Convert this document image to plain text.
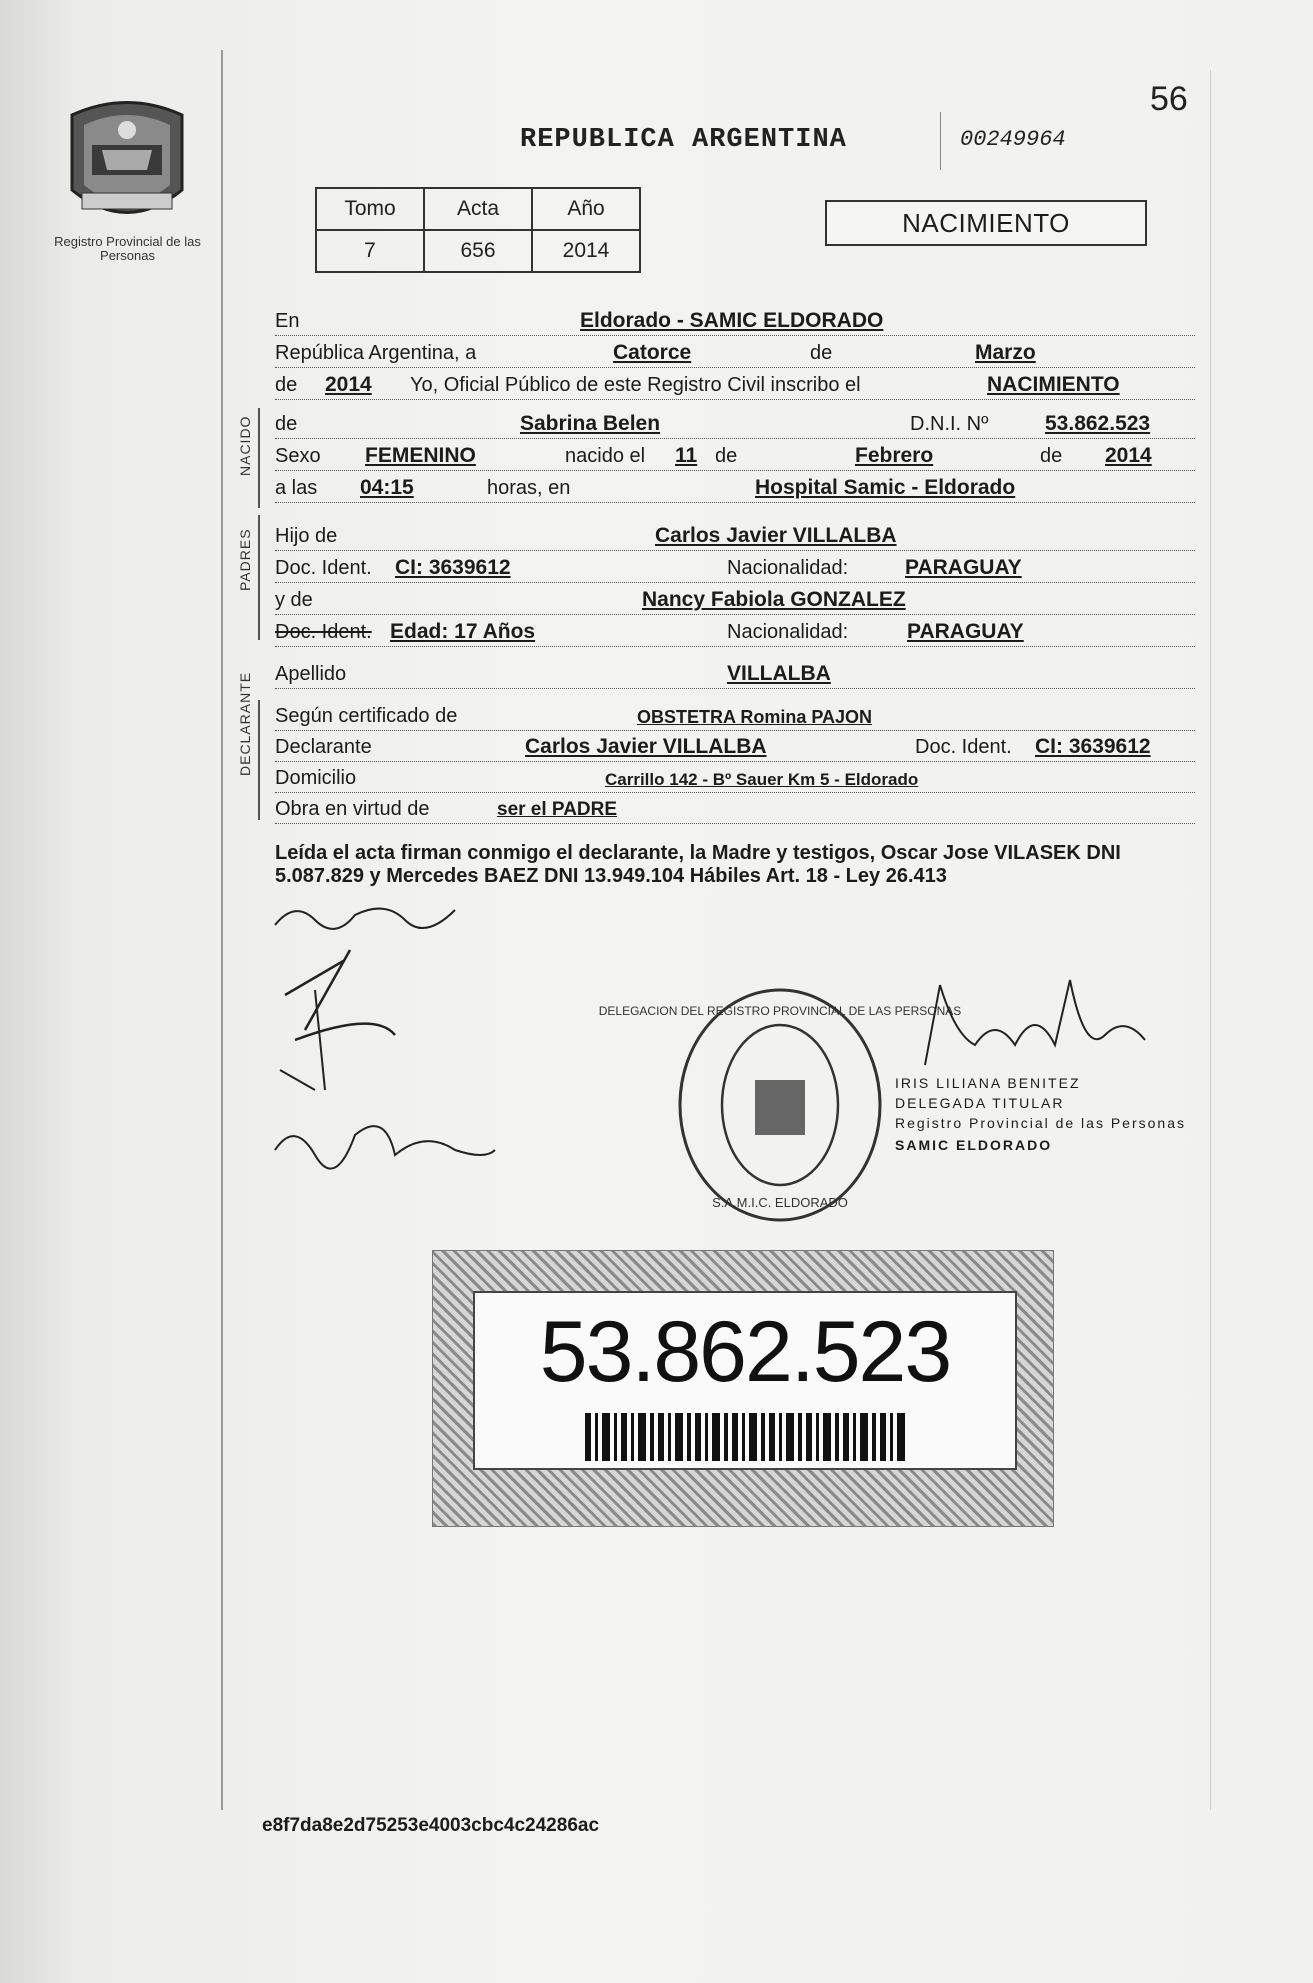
Registro Provincial de las Personas
56
REPUBLICA ARGENTINA	00249964
Tomo	Acta	Año
7	656	2014
NACIMIENTO
En	Eldorado - SAMIC ELDORADO
República Argentina, a	Catorce	de	Marzo
de 2014 Yo, Oficial Público de este Registro Civil inscribo el	NACIMIENTO
NACIDO de	Sabrina Belen	D.N.I. Nº	53.862.523
Sexo FEMENINO	nacido el 11 de	Febrero	de 2014
a las 04:15	horas, en	Hospital Samic - Eldorado
PADRES Hijo de	Carlos Javier VILLALBA
Doc. Ident. CI: 3639612	Nacionalidad:	PARAGUAY
y de	Nancy Fabiola GONZALEZ
Doc. Ident. Edad: 17 Años	Nacionalidad:	PARAGUAY
Apellido	VILLALBA
DECLARANTE Según certificado de	OBSTETRA Romina PAJON
Declarante	Carlos Javier VILLALBA	Doc. Ident. CI: 3639612
Domicilio	Carrillo 142 - Bº Sauer Km 5 - Eldorado
Obra en virtud de	ser el PADRE
Leída el acta firman conmigo el declarante, la Madre y testigos, Oscar Jose VILASEK DNI 5.087.829 y Mercedes BAEZ DNI 13.949.104 Hábiles Art. 18 - Ley 26.413
DELEGACION DEL REGISTRO PROVINCIAL DE LAS PERSONAS
S.A.M.I.C. ELDORADO
IRIS LILIANA BENITEZ
DELEGADA TITULAR
Registro Provincial de las Personas
SAMIC ELDORADO
53.862.523
e8f7da8e2d75253e4003cbc4c24286ac
